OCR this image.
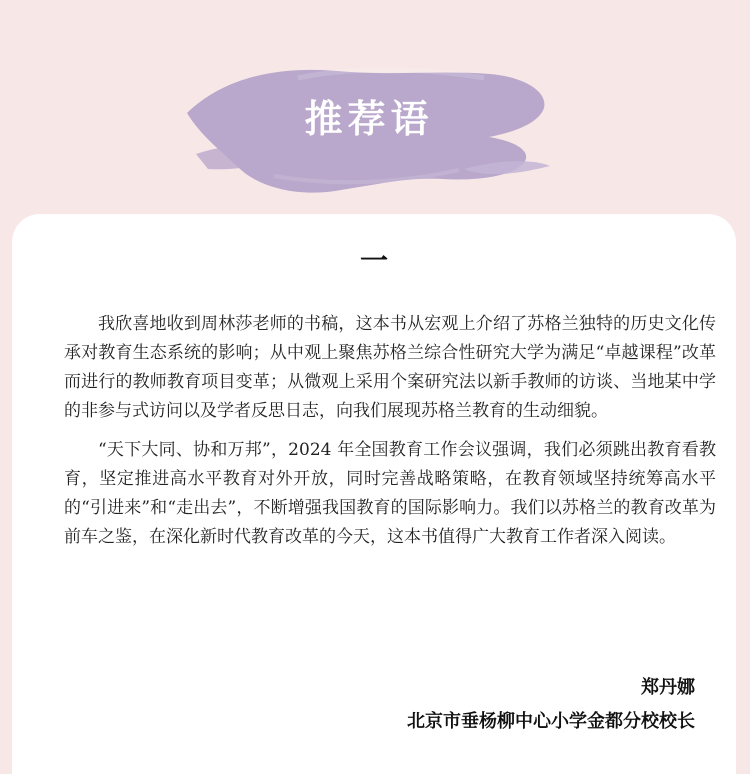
推荐语
一

我欣喜地收到周林莎老师的书稿，这本书从宏观上介绍了苏格兰独特的历史文化传承对教育生态系统的影响；从中观上聚焦苏格兰综合性研究大学为满足“卓越课程”改革而进行的教师教育项目变革；从微观上采用个案研究法以新手教师的访谈、当地某中学的非参与式访问以及学者反思日志，向我们展现苏格兰教育的生动细貌。

“天下大同、协和万邦”，2024 年全国教育工作会议强调，我们必须跳出教育看教育，坚定推进高水平教育对外开放，同时完善战略策略，在教育领域坚持统筹高水平的“引进来”和“走出去”，不断增强我国教育的国际影响力。我们以苏格兰的教育改革为前车之鉴，在深化新时代教育改革的今天，这本书值得广大教育工作者深入阅读。

郑丹娜
北京市垂杨柳中心小学金都分校校长
